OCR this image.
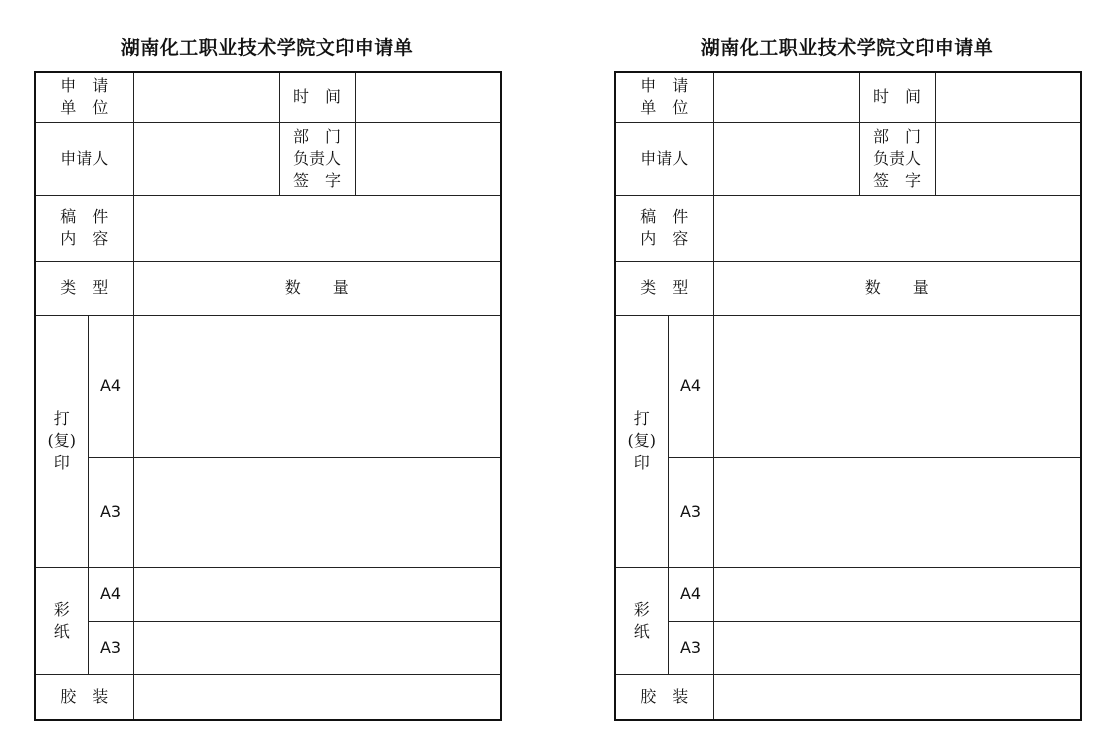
湖南化工职业技术学院文印申请单
申　请
单　位			时　间	
申请人			部　门
负责人
签　字	

稿　件
内　容				

类　型		数　　量		

打
(复)
印	A4			
	A3			

彩
纸	A4			
	A3			
胶　装				
湖南化工职业技术学院文印申请单
申　请
单　位			时　间	
申请人			部　门
负责人
签　字	

稿　件
内　容				

类　型		数　　量		

打
(复)
印	A4			
	A3			

彩
纸	A4			
	A3			
胶　装				
